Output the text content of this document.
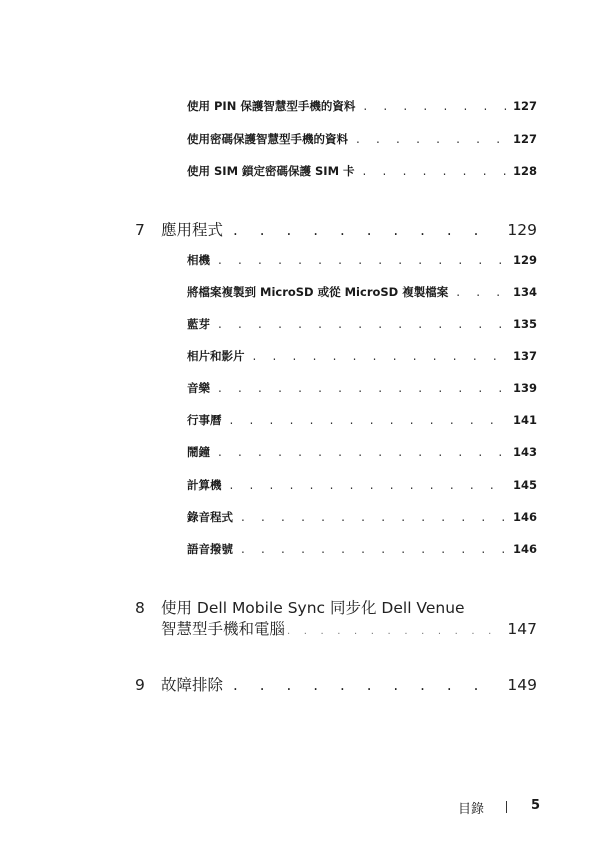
使用 PIN 保護智慧型手機的資料 . . .	127
使用密碼保護智慧型手機的資料 . . .	127
使用 SIM 鎖定密碼保護 SIM 卡 . . .	128
7	應用程式 . . .	129
相機 . . .	129
將檔案複製到 MicroSD 或從 MicroSD 複製檔案 . . .	134
藍芽 . . .	135
相片和影片 . . .	137
音樂 . . .	139
行事曆 . . .	141
鬧鐘 . . .	143
計算機 . . .	145
錄音程式 . . .	146
語音撥號 . . .	146
8	使用 Dell Mobile Sync 同步化 Dell Venue
智慧型手機和電腦 . . .	147
9	故障排除 . . .	149
目錄	5
